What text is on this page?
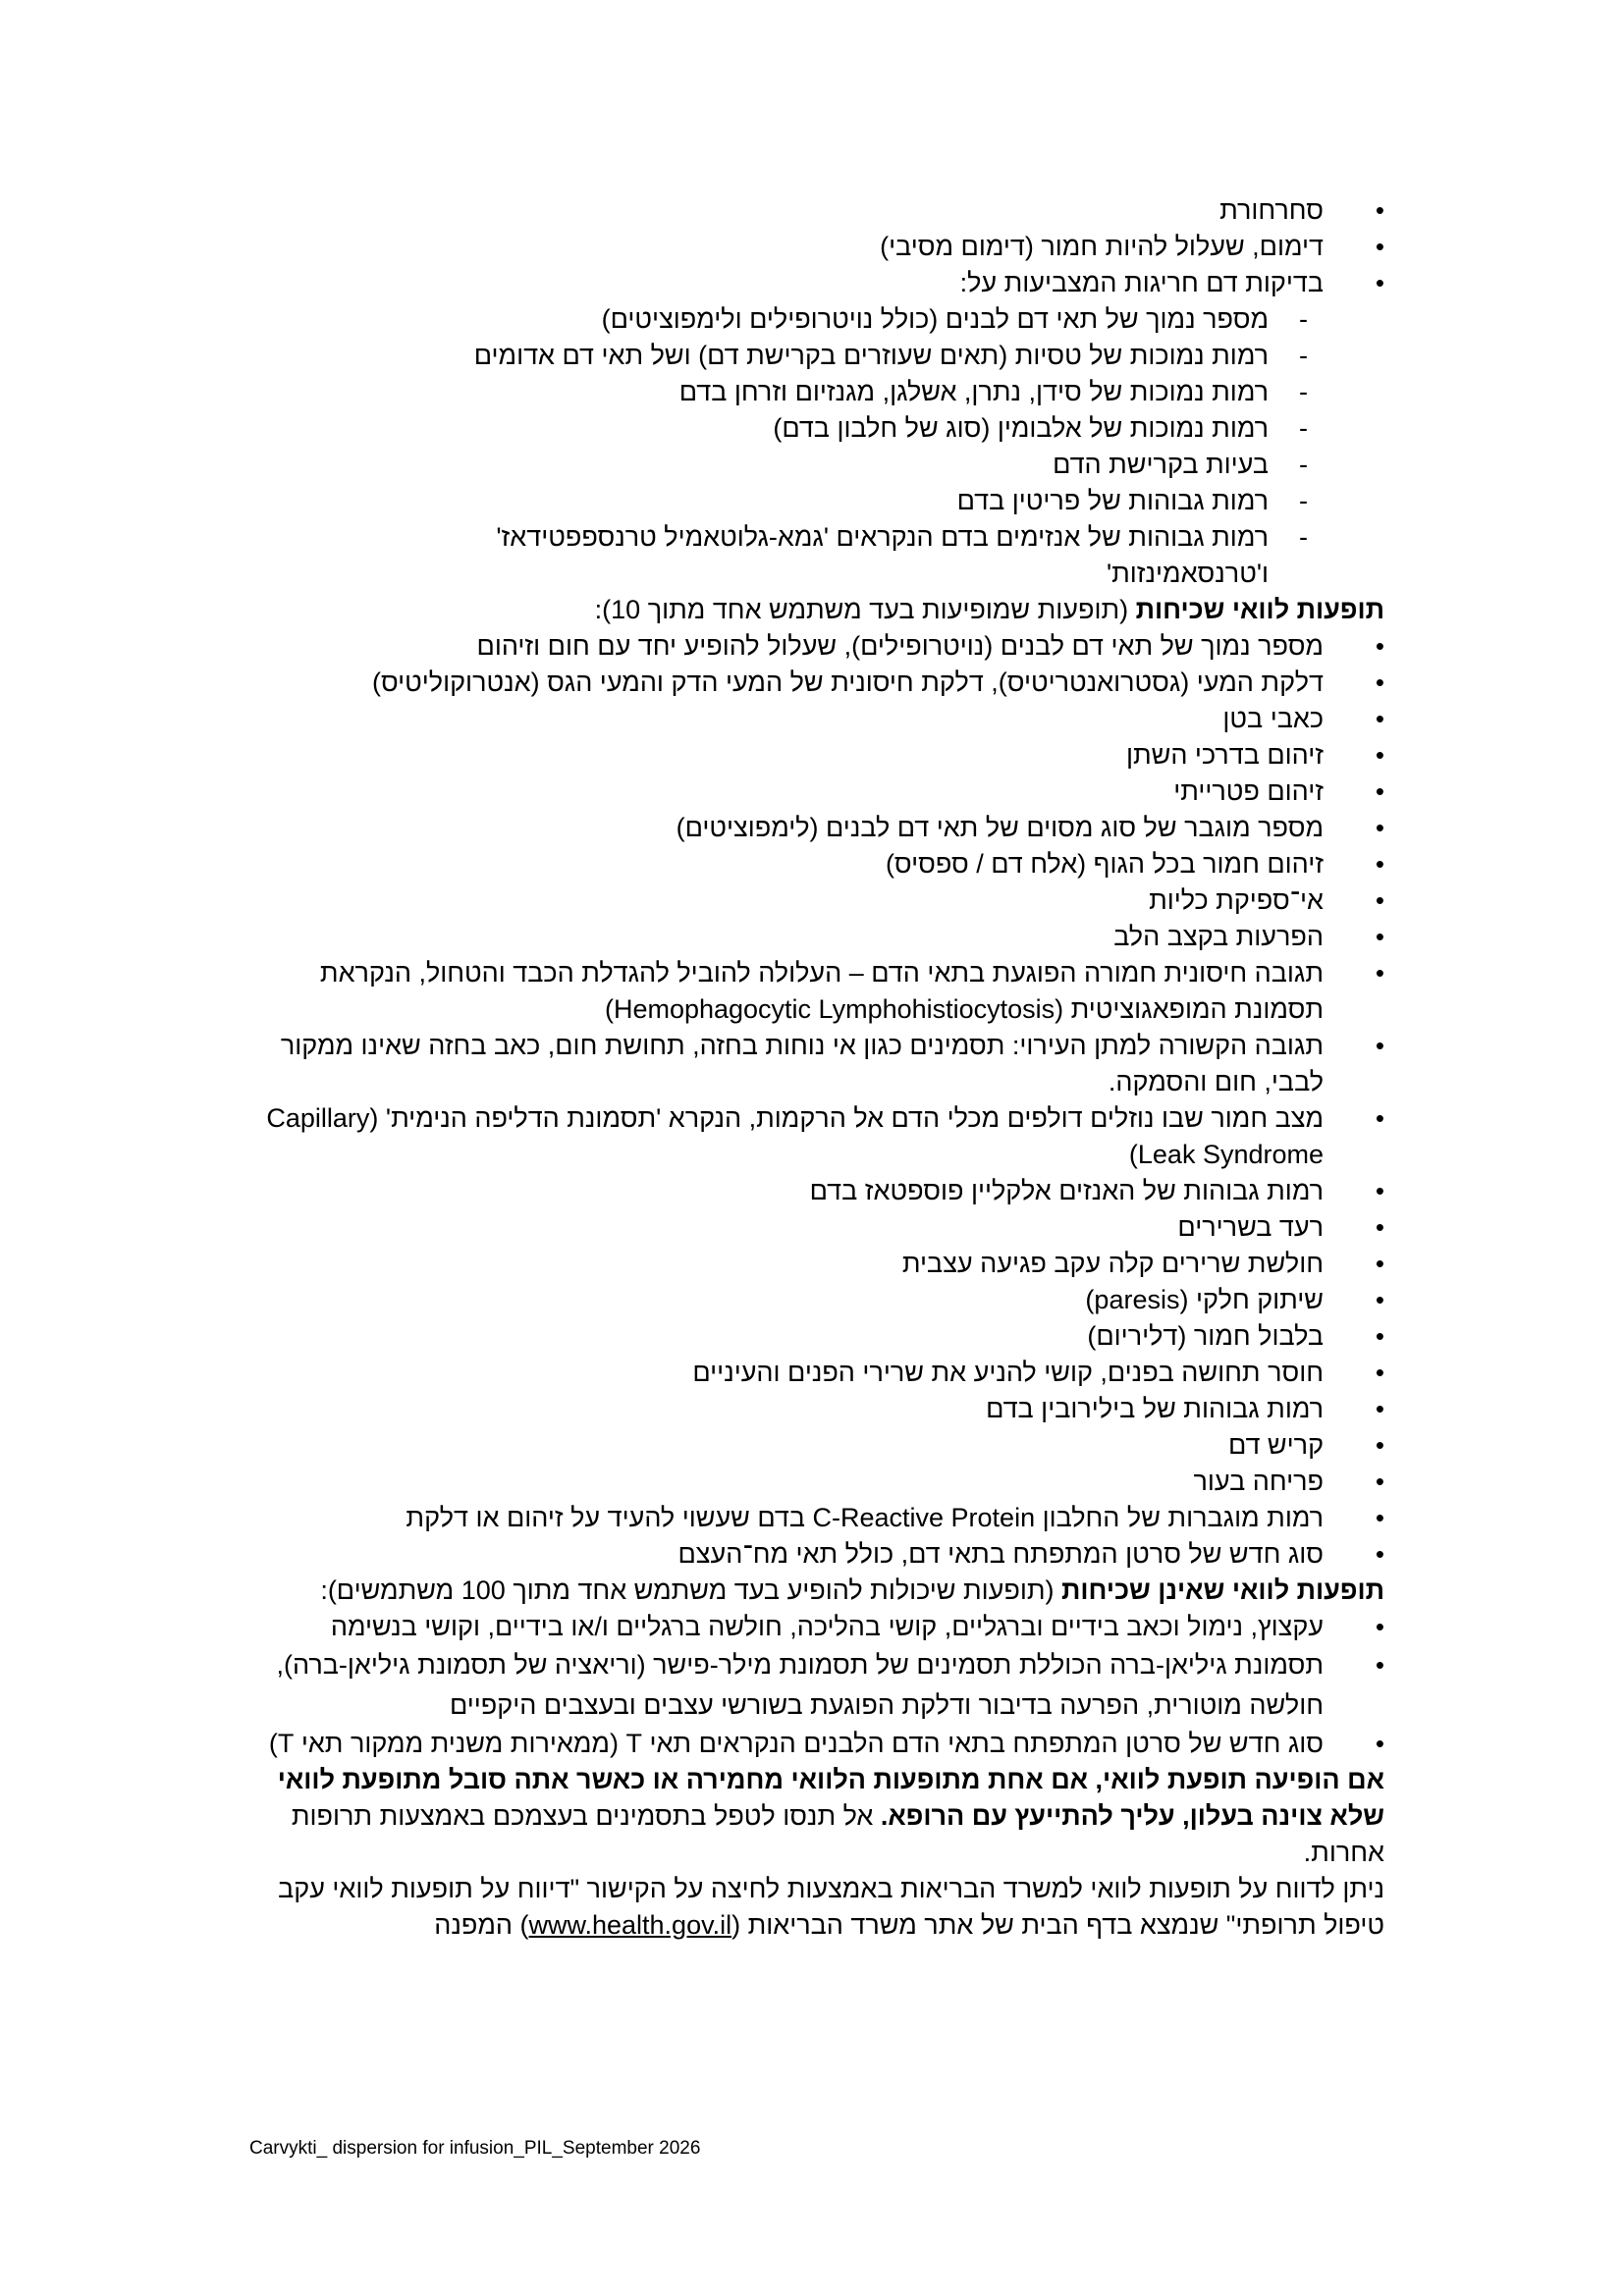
• סחרחורת
• דימום, שעלול להיות חמור (דימום מסיבי)
• בדיקות דם חריגות המצביעות על:
- מספר נמוך של תאי דם לבנים (כולל נויטרופילים ולימפוציטים)
- רמות נמוכות של טסיות (תאים שעוזרים בקרישת דם) ושל תאי דם אדומים
- רמות נמוכות של סידן, נתרן, אשלגן, מגנזיום וזרחן בדם
- רמות נמוכות של אלבומין (סוג של חלבון בדם)
- בעיות בקרישת הדם
- רמות גבוהות של פריטין בדם
- רמות גבוהות של אנזימים בדם הנקראים 'גמא-גלוטאמיל טרנספפטידאז' ו'טרנסאמינזות'

תופעות לוואי שכיחות (תופעות שמופיעות בעד משתמש אחד מתוך 10):

• מספר נמוך של תאי דם לבנים (נויטרופילים), שעלול להופיע יחד עם חום וזיהום
• דלקת המעי (גסטרואנטריטיס), דלקת חיסונית של המעי הדק והמעי הגס (אנטרוקוליטיס)
• כאבי בטן
• זיהום בדרכי השתן
• זיהום פטרייתי
• מספר מוגבר של סוג מסוים של תאי דם לבנים (לימפוציטים)
• זיהום חמור בכל הגוף (אלח דם / ספסיס)
• אי־ספיקת כליות
• הפרעות בקצב הלב
• תגובה חיסונית חמורה הפוגעת בתאי הדם – העלולה להוביל להגדלת הכבד והטחול, הנקראת תסמונת המופאגוציטית (Hemophagocytic Lymphohistiocytosis)
• תגובה הקשורה למתן העירוי: תסמינים כגון אי נוחות בחזה, תחושת חום, כאב בחזה שאינו ממקור לבבי, חום והסמקה.
• מצב חמור שבו נוזלים דולפים מכלי הדם אל הרקמות, הנקרא 'תסמונת הדליפה הנימית' (Capillary Leak Syndrome)
• רמות גבוהות של האנזים אלקליין פוספטאז בדם
• רעד בשרירים
• חולשת שרירים קלה עקב פגיעה עצבית
• שיתוק חלקי (paresis)
• בלבול חמור (דליריום)
• חוסר תחושה בפנים, קושי להניע את שרירי הפנים והעיניים
• רמות גבוהות של בילירובין בדם
• קריש דם
• פריחה בעור
• רמות מוגברות של החלבון C-Reactive Protein בדם שעשוי להעיד על זיהום או דלקת
• סוג חדש של סרטן המתפתח בתאי דם, כולל תאי מח־העצם

תופעות לוואי שאינן שכיחות (תופעות שיכולות להופיע בעד משתמש אחד מתוך 100 משתמשים):

• עקצוץ, נימול וכאב בידיים וברגליים, קושי בהליכה, חולשה ברגליים ו/או בידיים, וקושי בנשימה
• תסמונת גיליאן-ברה הכוללת תסמינים של תסמונת מילר-פישר (וריאציה של תסמונת גיליאן-ברה), חולשה מוטורית, הפרעה בדיבור ודלקת הפוגעת בשורשי עצבים ובעצבים היקפיים
• סוג חדש של סרטן המתפתח בתאי הדם הלבנים הנקראים תאי T (ממאירות משנית ממקור תאי T)

אם הופיעה תופעת לוואי, אם אחת מתופעות הלוואי מחמירה או כאשר אתה סובל מתופעת לוואי שלא צוינה בעלון, עליך להתייעץ עם הרופא. אל תנסו לטפל בתסמינים בעצמכם באמצעות תרופות אחרות.

ניתן לדווח על תופעות לוואי למשרד הבריאות באמצעות לחיצה על הקישור "דיווח על תופעות לוואי עקב טיפול תרופתי" שנמצא בדף הבית של אתר משרד הבריאות (www.health.gov.il) המפנה

Carvykti_ dispersion for infusion_PIL_September 2026
